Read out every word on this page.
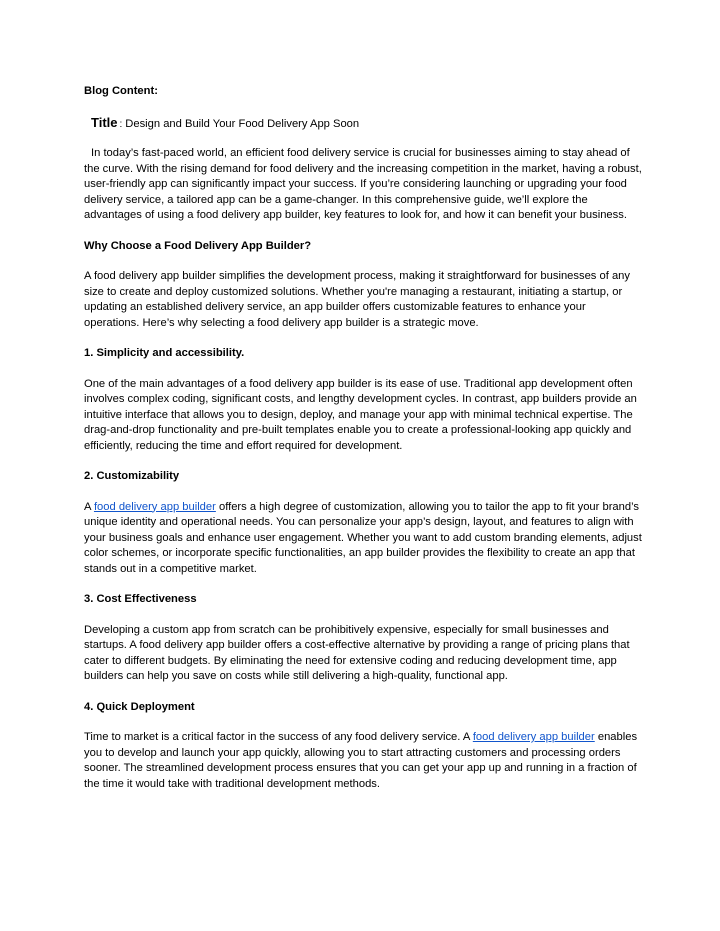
Blog Content:

Title : Design and Build Your Food Delivery App Soon

In today’s fast-paced world, an efficient food delivery service is crucial for businesses aiming to stay ahead of the curve. With the rising demand for food delivery and the increasing competition in the market, having a robust, user-friendly app can significantly impact your success. If you’re considering launching or upgrading your food delivery service, a tailored app can be a game-changer. In this comprehensive guide, we’ll explore the advantages of using a food delivery app builder, key features to look for, and how it can benefit your business.

Why Choose a Food Delivery App Builder?

A food delivery app builder simplifies the development process, making it straightforward for businesses of any size to create and deploy customized solutions. Whether you're managing a restaurant, initiating a startup, or updating an established delivery service, an app builder offers customizable features to enhance your operations. Here’s why selecting a food delivery app builder is a strategic move.

1. Simplicity and accessibility.

One of the main advantages of a food delivery app builder is its ease of use. Traditional app development often involves complex coding, significant costs, and lengthy development cycles. In contrast, app builders provide an intuitive interface that allows you to design, deploy, and manage your app with minimal technical expertise. The drag-and-drop functionality and pre-built templates enable you to create a professional-looking app quickly and efficiently, reducing the time and effort required for development.

2. Customizability

A food delivery app builder offers a high degree of customization, allowing you to tailor the app to fit your brand’s unique identity and operational needs. You can personalize your app’s design, layout, and features to align with your business goals and enhance user engagement. Whether you want to add custom branding elements, adjust color schemes, or incorporate specific functionalities, an app builder provides the flexibility to create an app that stands out in a competitive market.

3. Cost Effectiveness

Developing a custom app from scratch can be prohibitively expensive, especially for small businesses and startups. A food delivery app builder offers a cost-effective alternative by providing a range of pricing plans that cater to different budgets. By eliminating the need for extensive coding and reducing development time, app builders can help you save on costs while still delivering a high-quality, functional app.

4. Quick Deployment

Time to market is a critical factor in the success of any food delivery service. A food delivery app builder enables you to develop and launch your app quickly, allowing you to start attracting customers and processing orders sooner. The streamlined development process ensures that you can get your app up and running in a fraction of the time it would take with traditional development methods.
